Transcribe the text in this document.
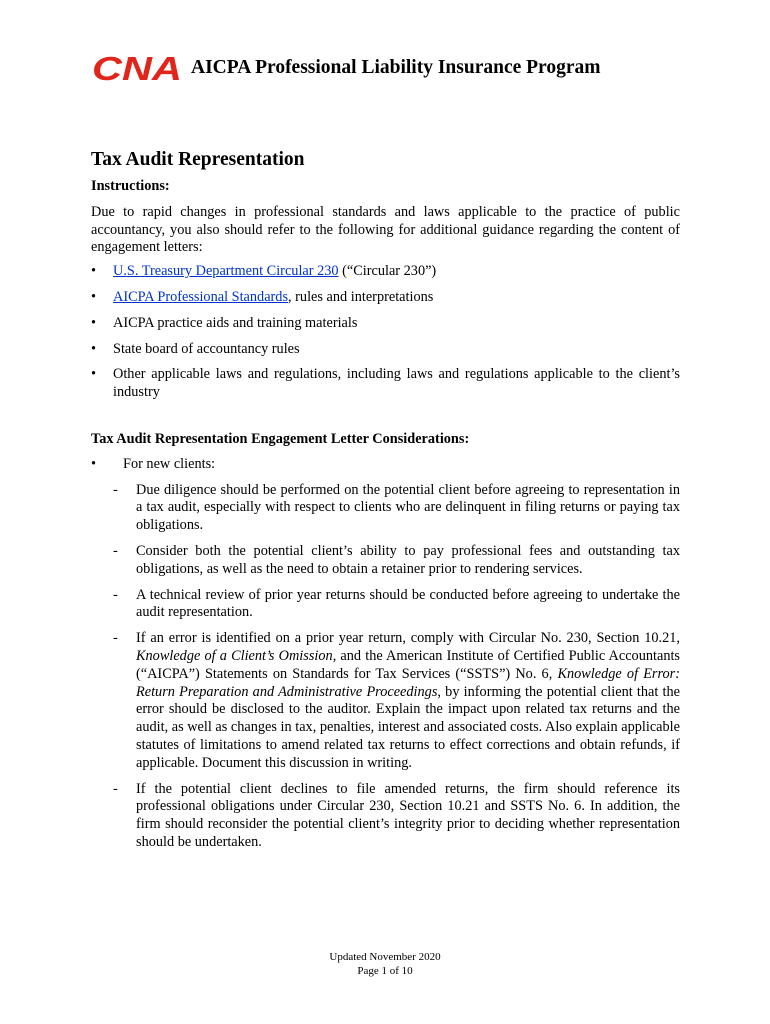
CNA AICPA Professional Liability Insurance Program
Tax Audit Representation

Instructions:

Due to rapid changes in professional standards and laws applicable to the practice of public accountancy, you also should refer to the following for additional guidance regarding the content of engagement letters:

• U.S. Treasury Department Circular 230 (“Circular 230”)
• AICPA Professional Standards, rules and interpretations
• AICPA practice aids and training materials
• State board of accountancy rules
• Other applicable laws and regulations, including laws and regulations applicable to the client’s industry

Tax Audit Representation Engagement Letter Considerations:

• For new clients:
- Due diligence should be performed on the potential client before agreeing to representation in a tax audit, especially with respect to clients who are delinquent in filing returns or paying tax obligations.
- Consider both the potential client’s ability to pay professional fees and outstanding tax obligations, as well as the need to obtain a retainer prior to rendering services.
- A technical review of prior year returns should be conducted before agreeing to undertake the audit representation.
- If an error is identified on a prior year return, comply with Circular No. 230, Section 10.21, Knowledge of a Client’s Omission, and the American Institute of Certified Public Accountants (“AICPA”) Statements on Standards for Tax Services (“SSTS”) No. 6, Knowledge of Error: Return Preparation and Administrative Proceedings, by informing the potential client that the error should be disclosed to the auditor. Explain the impact upon related tax returns and the audit, as well as changes in tax, penalties, interest and associated costs. Also explain applicable statutes of limitations to amend related tax returns to effect corrections and obtain refunds, if applicable. Document this discussion in writing.
- If the potential client declines to file amended returns, the firm should reference its professional obligations under Circular 230, Section 10.21 and SSTS No. 6. In addition, the firm should reconsider the potential client’s integrity prior to deciding whether representation should be undertaken.
Updated November 2020
Page 1 of 10
